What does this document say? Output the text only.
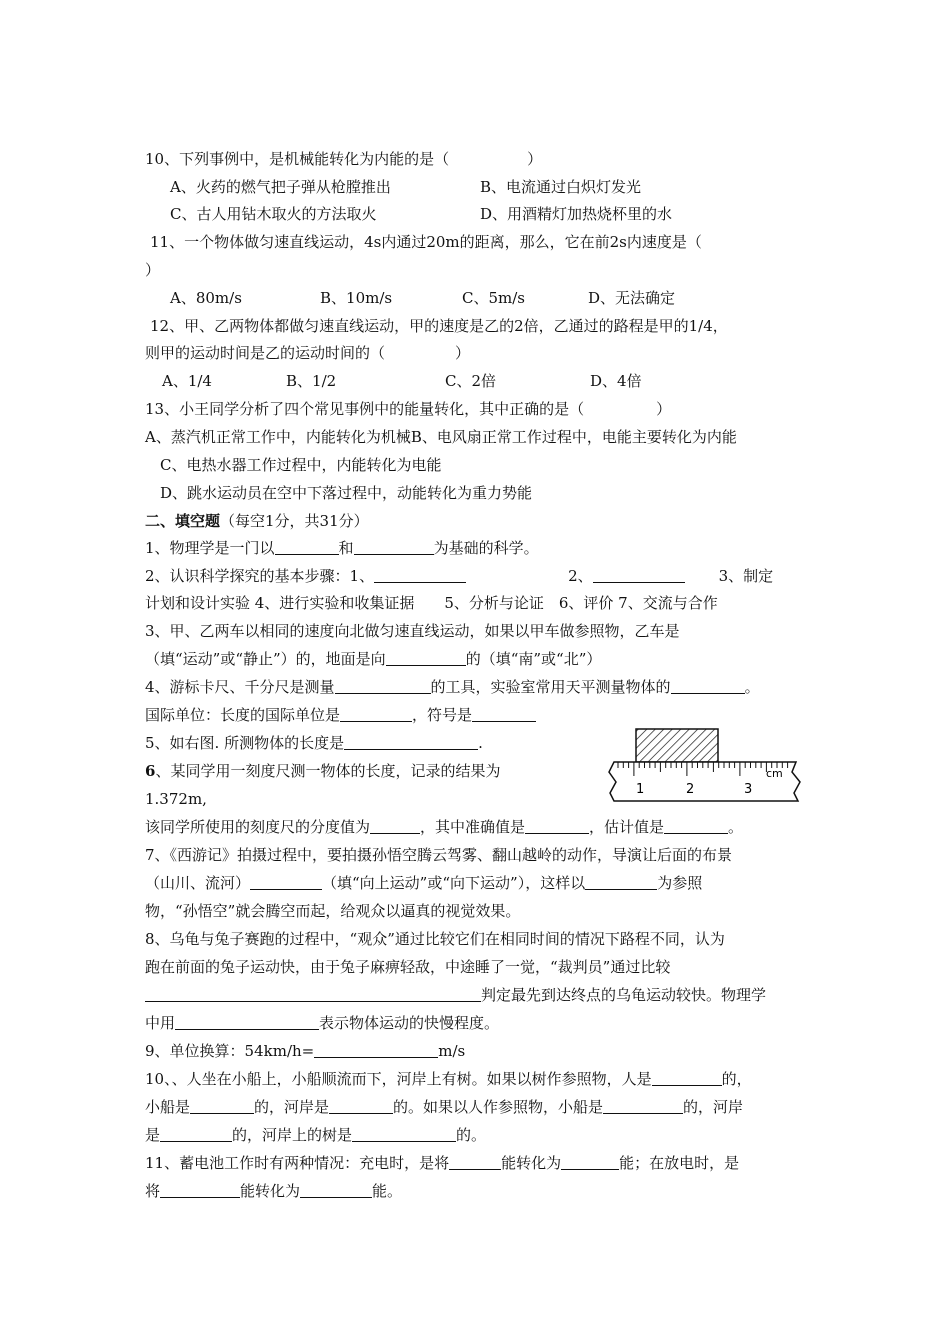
10、下列事例中，是机械能转化为内能的是（	）
A、火药的燃气把子弹从枪膛推出	B、电流通过白炽灯发光
C、古人用钻木取火的方法取火	D、用酒精灯加热烧杯里的水
11、一个物体做匀速直线运动，4s内通过20m的距离，那么，它在前2s内速度是（
）
A、80m/s	B、10m/s	C、5m/s	D、无法确定
12、甲、乙两物体都做匀速直线运动，甲的速度是乙的2倍，乙通过的路程是甲的1/4，
则甲的运动时间是乙的运动时间的（	）
A、1/4	B、1/2	C、2倍	D、4倍
13、小王同学分析了四个常见事例中的能量转化，其中正确的是（	）
A、蒸汽机正常工作中，内能转化为机械B、电风扇正常工作过程中，电能主要转化为内能
C、电热水器工作过程中，内能转化为电能
D、跳水运动员在空中下落过程中，动能转化为重力势能
二、填空题（每空1分，共31分）
1、物理学是一门以	和	为基础的科学。
2、认识科学探究的基本步骤：1、	2、	3、制定
计划和设计实验 4、进行实验和收集证据　　5、分析与论证　6、评价 7、交流与合作
3、甲、乙两车以相同的速度向北做匀速直线运动，如果以甲车做参照物，乙车是
（填“运动”或“静止”）的，地面是向	的（填“南”或“北”）
4、游标卡尺、千分尺是测量	的工具，实验室常用天平测量物体的	。
国际单位：长度的国际单位是	，符号是
5、如右图. 所测物体的长度是	.
6、某同学用一刻度尺测一物体的长度，记录的结果为
1.372m,
该同学所使用的刻度尺的分度值为	，其中准确值是	，估计值是	。
cm
1	2	3
7、《西游记》拍摄过程中，要拍摄孙悟空腾云驾雾、翻山越岭的动作，导演让后面的布景
（山川、流河）	（填“向上运动”或“向下运动”），这样以	为参照
物，“孙悟空”就会腾空而起，给观众以逼真的视觉效果。
8、乌龟与兔子赛跑的过程中，“观众”通过比较它们在相同时间的情况下路程不同，认为
跑在前面的兔子运动快，由于兔子麻痹轻敌，中途睡了一觉，“裁判员”通过比较
判定最先到达终点的乌龟运动较快。物理学
中用	表示物体运动的快慢程度。
9、单位换算：54km/h=	m/s
10、、人坐在小船上，小船顺流而下，河岸上有树。如果以树作参照物，人是	的，
小船是	的，河岸是	的。如果以人作参照物，小船是	的，河岸
是	的，河岸上的树是	的。
11、蓄电池工作时有两种情况：充电时，是将	能转化为	能；在放电时，是
将	能转化为	能。
